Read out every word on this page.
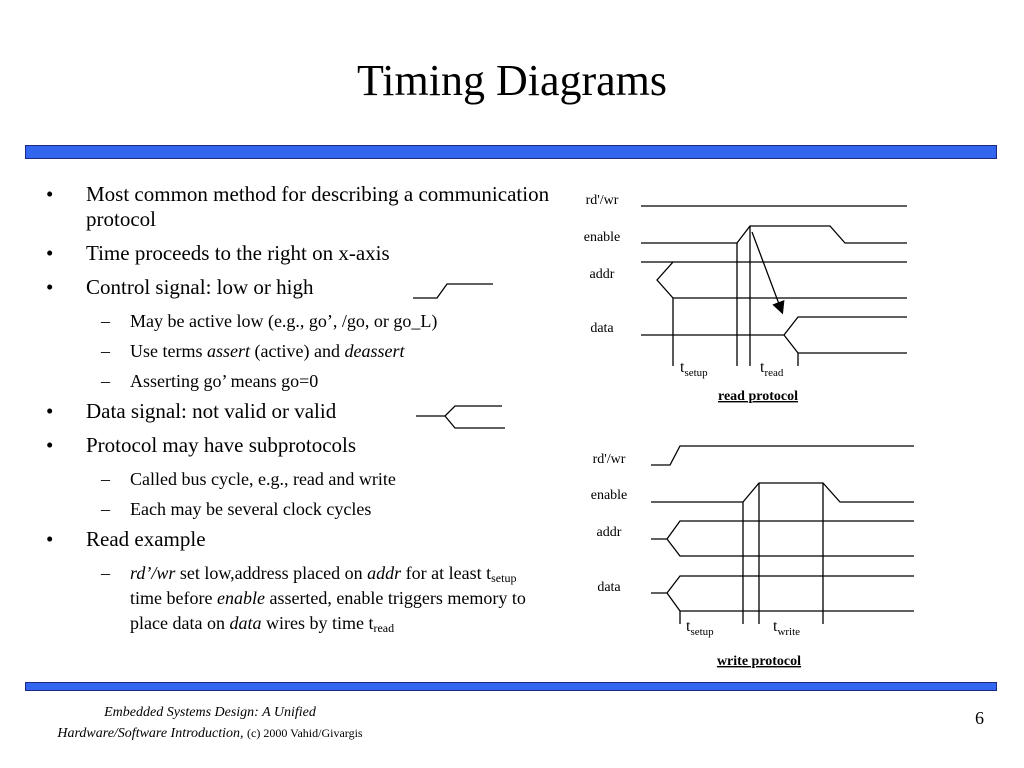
Timing Diagrams
• Most common method for describing a communication protocol
• Time proceeds to the right on x-axis
• Control signal: low or high
– May be active low (e.g., go’, /go, or go_L)
– Use terms assert (active) and deassert
– Asserting go’ means go=0
• Data signal: not valid or valid
• Protocol may have subprotocols
– Called bus cycle, e.g., read and write
– Each may be several clock cycles
• Read example
– rd’/wr set low,address placed on addr for at least $t_{setup}$ time before enable asserted, enable triggers memory to place data on data wires by time $t_{read}$
rd'/wr
enable
addr
data
rd'/wr
enable
addr
data
$t_{setup}$	$t_{read}$
$t_{setup}$	$t_{write}$
read protocol
write protocol
Embedded Systems Design: A Unified
Hardware/Software Introduction, (c) 2000 Vahid/Givargis
6
